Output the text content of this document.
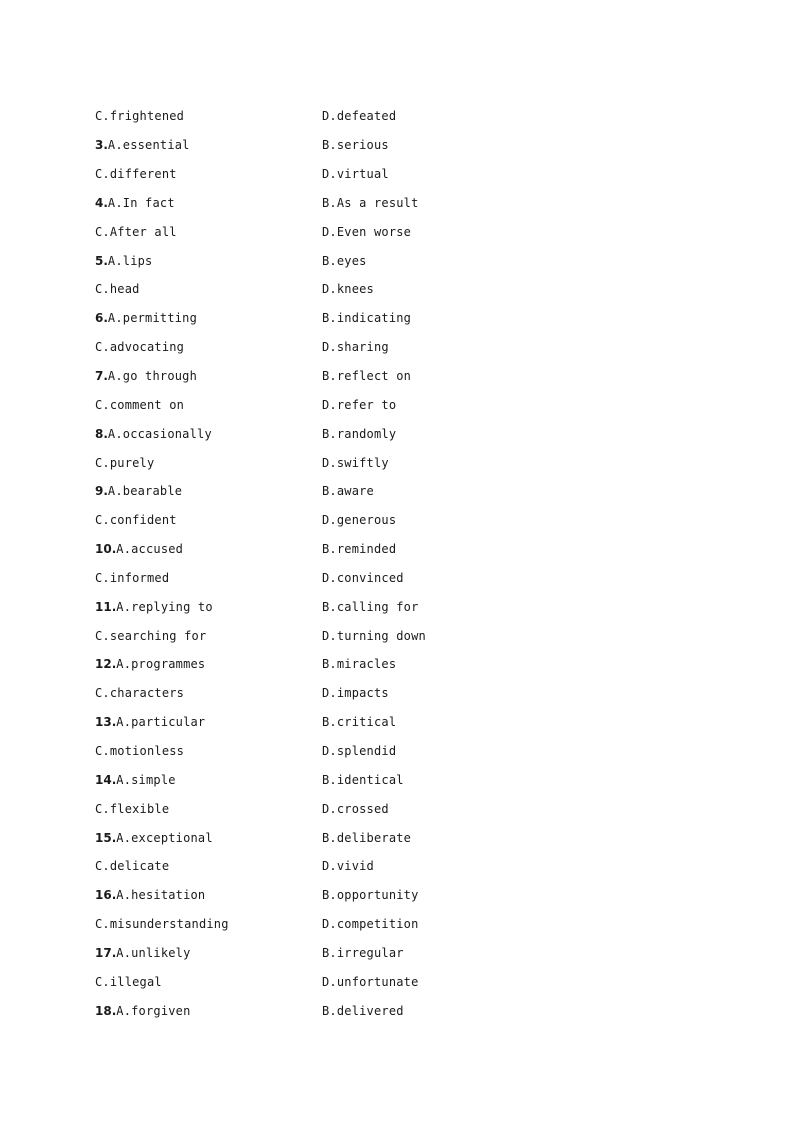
C.frightened	D.defeated
3. A.essential	B.serious
C.different	D.virtual
4. A.In fact	B.As a result
C.After all	D.Even worse
5. A.lips	B.eyes
C.head	D.knees
6. A.permitting	B.indicating
C.advocating	D.sharing
7. A.go through	B.reflect on
C.comment on	D.refer to
8. A.occasionally	B.randomly
C.purely	D.swiftly
9. A.bearable	B.aware
C.confident	D.generous
10. A.accused	B.reminded
C.informed	D.convinced
11. A.replying to	B.calling for
C.searching for	D.turning down
12. A.programmes	B.miracles
C.characters	D.impacts
13. A.particular	B.critical
C.motionless	D.splendid
14. A.simple	B.identical
C.flexible	D.crossed
15. A.exceptional	B.deliberate
C.delicate	D.vivid
16. A.hesitation	B.opportunity
C.misunderstanding	D.competition
17. A.unlikely	B.irregular
C.illegal	D.unfortunate
18. A.forgiven	B.delivered
